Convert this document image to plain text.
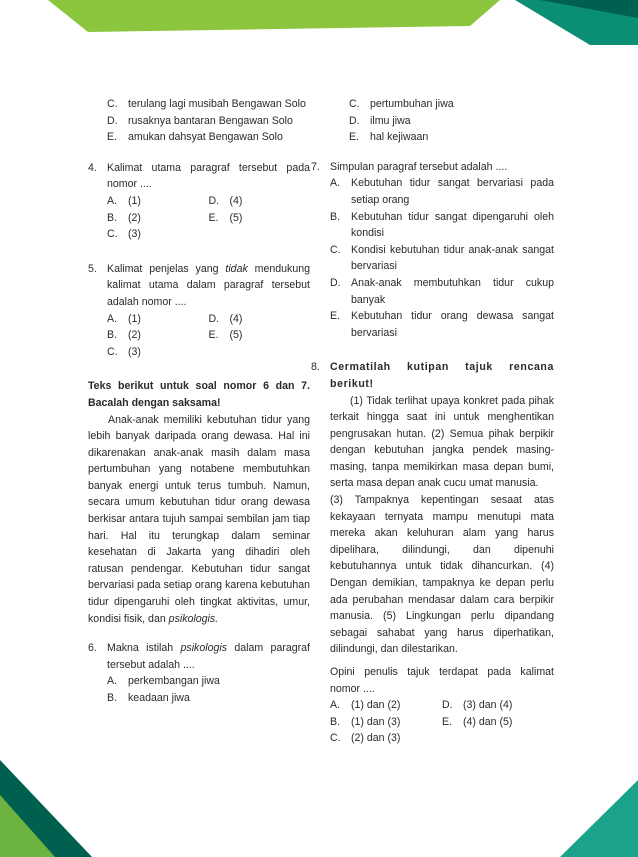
C. terulang lagi musibah Bengawan Solo
D. rusaknya bantaran Bengawan Solo
E. amukan dahsyat Bengawan Solo
4. Kalimat utama paragraf tersebut pada nomor ....
A. (1)	D. (4)
B. (2)	E. (5)
C. (3)
5. Kalimat penjelas yang tidak mendukung kalimat utama dalam paragraf tersebut adalah nomor ....
A. (1)	D. (4)
B. (2)	E. (5)
C. (3)
Teks berikut untuk soal nomor 6 dan 7. Bacalah dengan saksama!
Anak-anak memiliki kebutuhan tidur yang lebih banyak daripada orang dewasa. Hal ini dikarenakan anak-anak masih dalam masa pertumbuhan yang notabene membutuhkan banyak energi untuk terus tumbuh. Namun, secara umum kebutuhan tidur orang dewasa berkisar antara tujuh sampai sembilan jam tiap hari. Hal itu terungkap dalam seminar kesehatan di Jakarta yang dihadiri oleh ratusan pendengar. Kebutuhan tidur sangat bervariasi pada setiap orang karena kebutuhan tidur dipengaruhi oleh tingkat aktivitas, umur, kondisi fisik, dan psikologis.
6. Makna istilah psikologis dalam paragraf tersebut adalah ....
A. perkembangan jiwa
B. keadaan jiwa
C. pertumbuhan jiwa
D. ilmu jiwa
E. hal kejiwaan
7. Simpulan paragraf tersebut adalah ....
A. Kebutuhan tidur sangat bervariasi pada setiap orang
B. Kebutuhan tidur sangat dipengaruhi oleh kondisi
C. Kondisi kebutuhan tidur anak-anak sangat bervariasi
D. Anak-anak membutuhkan tidur cukup banyak
E. Kebutuhan tidur orang dewasa sangat bervariasi
8. Cermatilah kutipan tajuk rencana berikut!
(1) Tidak terlihat upaya konkret pada pihak terkait hingga saat ini untuk menghentikan pengrusakan hutan. (2) Semua pihak berpikir dengan kebutuhan jangka pendek masing-masing, tanpa memikirkan masa depan bumi, serta masa depan anak cucu umat manusia.
(3) Tampaknya kepentingan sesaat atas kekayaan ternyata mampu menutupi mata mereka akan keluhuran alam yang harus dipelihara, dilindungi, dan dipenuhi kebutuhannya untuk tidak dihancurkan. (4) Dengan demikian, tampaknya ke depan perlu ada perubahan mendasar dalam cara berpikir manusia. (5) Lingkungan perlu dipandang sebagai sahabat yang harus diperhatikan, dilindungi, dan dilestarikan.
Opini penulis tajuk terdapat pada kalimat nomor ....
A. (1) dan (2)	D. (3) dan (4)
B. (1) dan (3)	E. (4) dan (5)
C. (2) dan (3)
